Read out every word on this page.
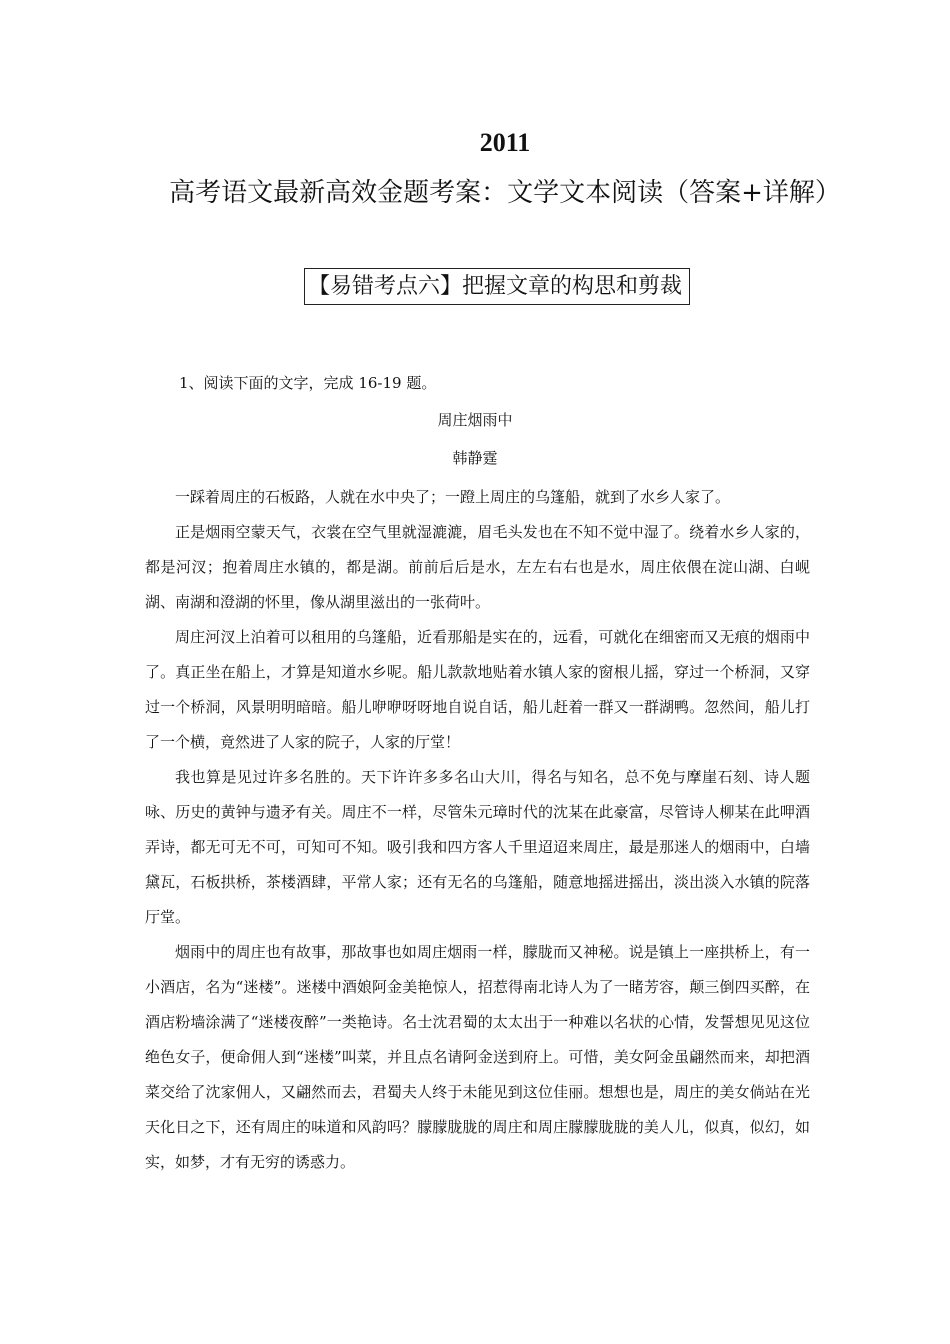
2011 高考语文最新高效金题考案：文学文本阅读（答案+详解）
【易错考点六】把握文章的构思和剪裁
1、阅读下面的文字，完成 16-19 题。
周庄烟雨中
韩静霆

一踩着周庄的石板路，人就在水中央了；一蹬上周庄的乌篷船，就到了水乡人家了。

正是烟雨空蒙天气，衣裳在空气里就湿漉漉，眉毛头发也在不知不觉中湿了。绕着水乡人家的，都是河汊；抱着周庄水镇的，都是湖。前前后后是水，左左右右也是水，周庄依偎在淀山湖、白岘湖、南湖和澄湖的怀里，像从湖里滋出的一张荷叶。

周庄河汊上泊着可以租用的乌篷船，近看那船是实在的，远看，可就化在细密而又无痕的烟雨中了。真正坐在船上，才算是知道水乡呢。船儿款款地贴着水镇人家的窗根儿摇，穿过一个桥洞，又穿过一个桥洞，风景明明暗暗。船儿咿咿呀呀地自说自话，船儿赶着一群又一群湖鸭。忽然间，船儿打了一个横，竟然进了人家的院子，人家的厅堂！

我也算是见过许多名胜的。天下许许多多名山大川，得名与知名，总不免与摩崖石刻、诗人题咏、历史的黄钟与遗矛有关。周庄不一样，尽管朱元璋时代的沈某在此豪富，尽管诗人柳某在此呷酒弄诗，都无可无不可，可知可不知。吸引我和四方客人千里迢迢来周庄，最是那迷人的烟雨中，白墙黛瓦，石板拱桥，茶楼酒肆，平常人家；还有无名的乌篷船，随意地摇进摇出，淡出淡入水镇的院落厅堂。

烟雨中的周庄也有故事，那故事也如周庄烟雨一样，朦胧而又神秘。说是镇上一座拱桥上，有一小酒店，名为“迷楼”。迷楼中酒娘阿金美艳惊人，招惹得南北诗人为了一睹芳容，颠三倒四买醉，在酒店粉墙涂满了“迷楼夜醉”一类艳诗。名士沈君蜀的太太出于一种难以名状的心情，发誓想见见这位绝色女子，便命佣人到“迷楼”叫菜，并且点名请阿金送到府上。可惜，美女阿金虽翩然而来，却把酒菜交给了沈家佣人，又翩然而去，君蜀夫人终于未能见到这位佳丽。想想也是，周庄的美女倘站在光天化日之下，还有周庄的味道和风韵吗？朦朦胧胧的周庄和周庄朦朦胧胧的美人儿，似真，似幻，如实，如梦，才有无穷的诱惑力。
